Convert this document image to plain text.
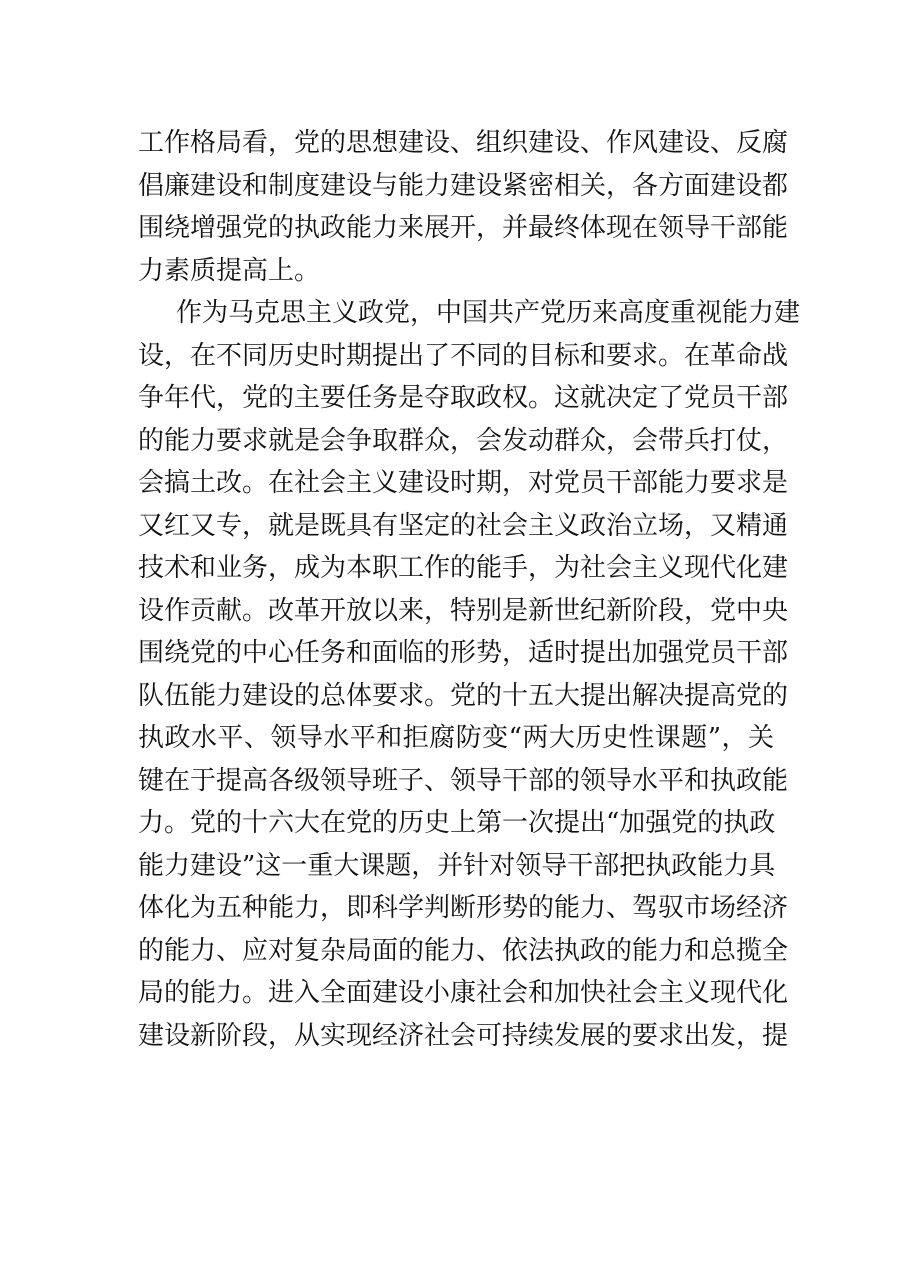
工作格局看，党的思想建设、组织建设、作风建设、反腐
倡廉建设和制度建设与能力建设紧密相关，各方面建设都
围绕增强党的执政能力来展开，并最终体现在领导干部能
力素质提高上。
作为马克思主义政党，中国共产党历来高度重视能力建
设，在不同历史时期提出了不同的目标和要求。在革命战
争年代，党的主要任务是夺取政权。这就决定了党员干部
的能力要求就是会争取群众，会发动群众，会带兵打仗，
会搞土改。在社会主义建设时期，对党员干部能力要求是
又红又专，就是既具有坚定的社会主义政治立场，又精通
技术和业务，成为本职工作的能手，为社会主义现代化建
设作贡献。改革开放以来，特别是新世纪新阶段，党中央
围绕党的中心任务和面临的形势，适时提出加强党员干部
队伍能力建设的总体要求。党的十五大提出解决提高党的
执政水平、领导水平和拒腐防变“两大历史性课题”，关
键在于提高各级领导班子、领导干部的领导水平和执政能
力。党的十六大在党的历史上第一次提出“加强党的执政
能力建设”这一重大课题，并针对领导干部把执政能力具
体化为五种能力，即科学判断形势的能力、驾驭市场经济
的能力、应对复杂局面的能力、依法执政的能力和总揽全
局的能力。进入全面建设小康社会和加快社会主义现代化
建设新阶段，从实现经济社会可持续发展的要求出发，提
